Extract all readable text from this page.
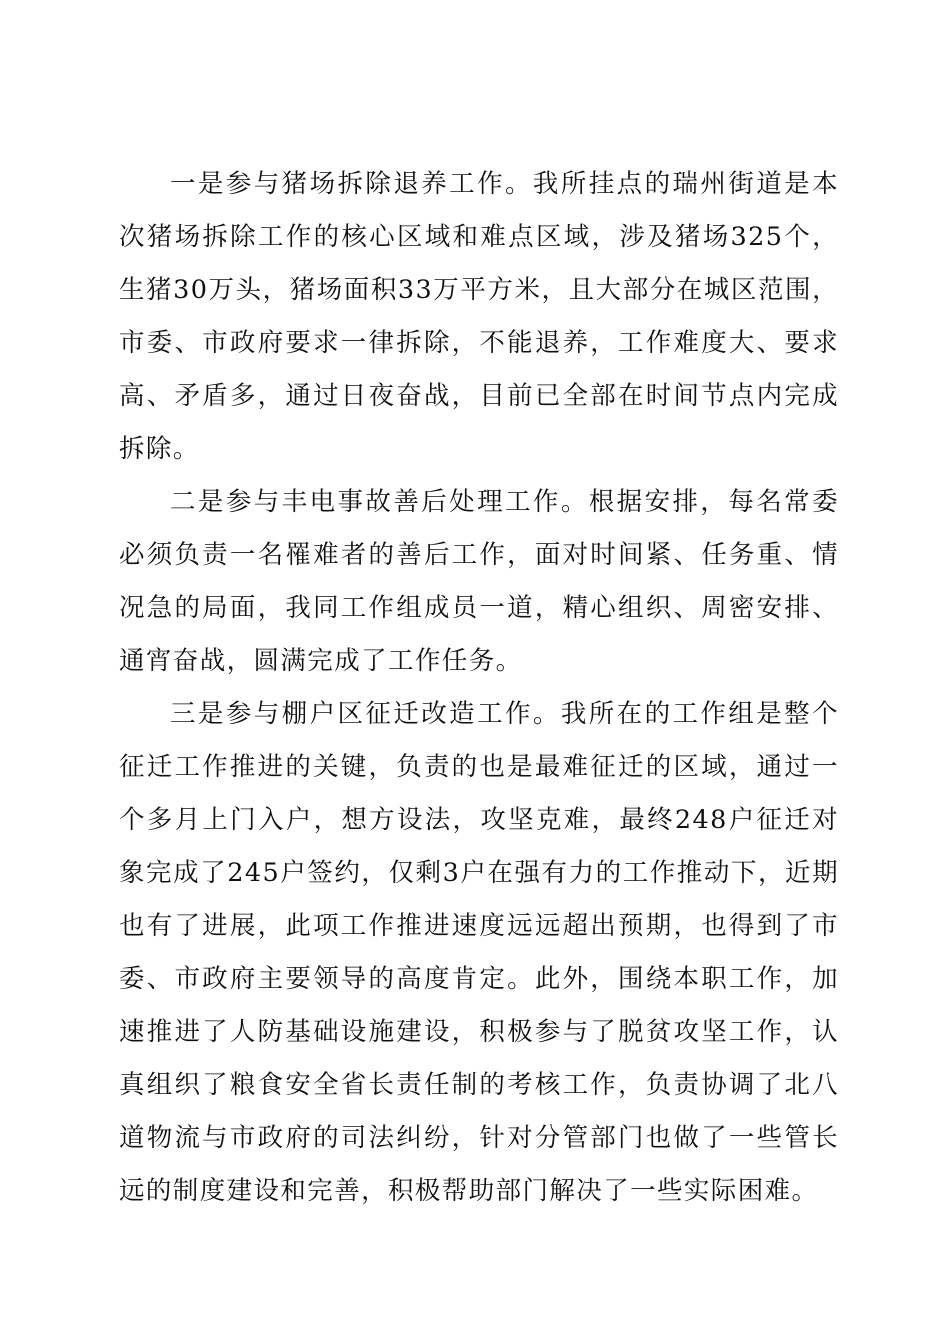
一是参与猪场拆除退养工作。我所挂点的瑞州街道是本次猪场拆除工作的核心区域和难点区域，涉及猪场325个，生猪30万头，猪场面积33万平方米，且大部分在城区范围，市委、市政府要求一律拆除，不能退养，工作难度大、要求高、矛盾多，通过日夜奋战，目前已全部在时间节点内完成拆除。

二是参与丰电事故善后处理工作。根据安排，每名常委必须负责一名罹难者的善后工作，面对时间紧、任务重、情况急的局面，我同工作组成员一道，精心组织、周密安排、通宵奋战，圆满完成了工作任务。

三是参与棚户区征迁改造工作。我所在的工作组是整个征迁工作推进的关键，负责的也是最难征迁的区域，通过一个多月上门入户，想方设法，攻坚克难，最终248户征迁对象完成了245户签约，仅剩3户在强有力的工作推动下，近期也有了进展，此项工作推进速度远远超出预期，也得到了市委、市政府主要领导的高度肯定。此外，围绕本职工作，加速推进了人防基础设施建设，积极参与了脱贫攻坚工作，认真组织了粮食安全省长责任制的考核工作，负责协调了北八道物流与市政府的司法纠纷，针对分管部门也做了一些管长远的制度建设和完善，积极帮助部门解决了一些实际困难。
